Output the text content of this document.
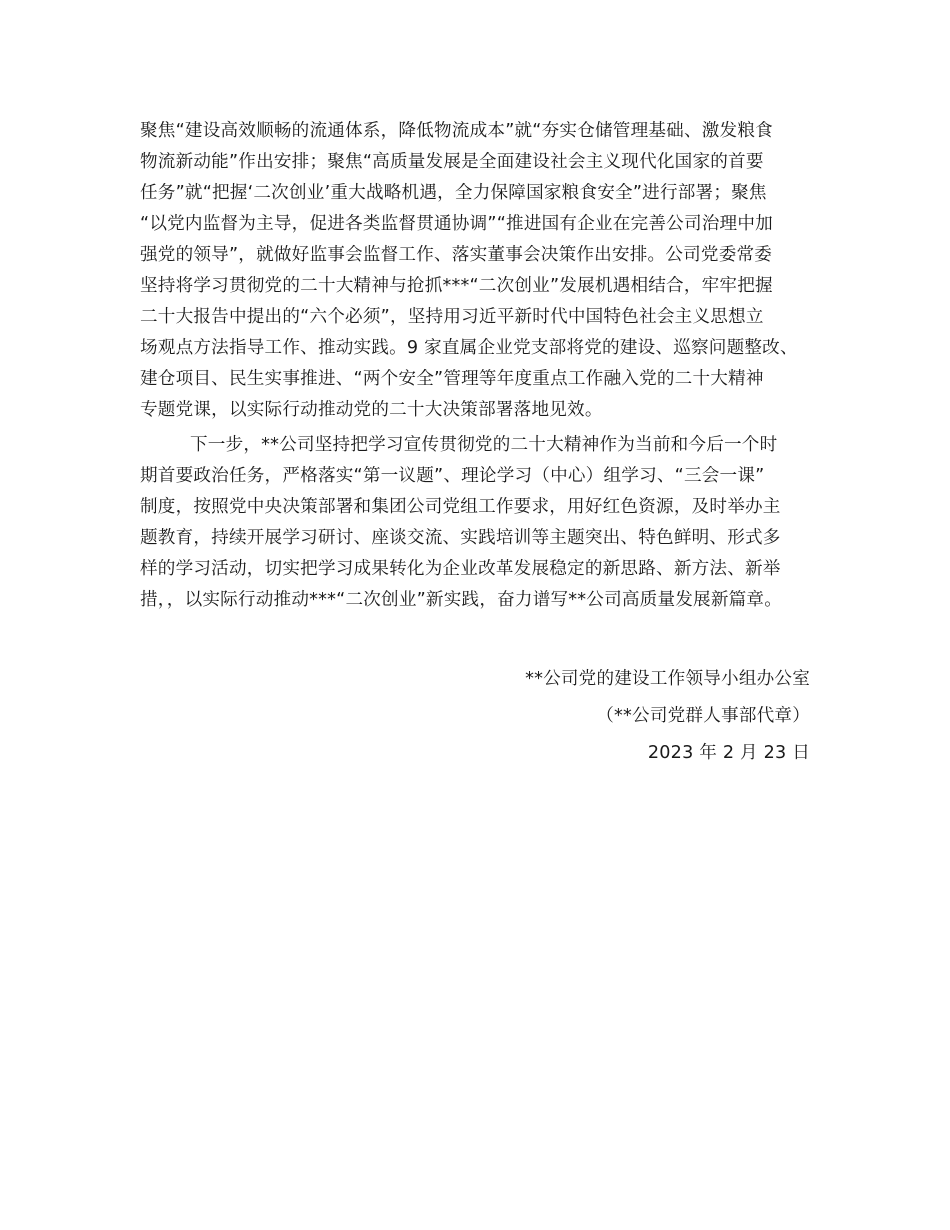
聚焦“建设高效顺畅的流通体系，降低物流成本”就“夯实仓储管理基础、激发粮食
物流新动能”作出安排；聚焦“高质量发展是全面建设社会主义现代化国家的首要
任务”就“把握‘二次创业’重大战略机遇，全力保障国家粮食安全”进行部署；聚焦
“以党内监督为主导，促进各类监督贯通协调”“推进国有企业在完善公司治理中加
强党的领导”，就做好监事会监督工作、落实董事会决策作出安排。公司党委常委
坚持将学习贯彻党的二十大精神与抢抓***“二次创业”发展机遇相结合，牢牢把握
二十大报告中提出的“六个必须”，坚持用习近平新时代中国特色社会主义思想立
场观点方法指导工作、推动实践。9 家直属企业党支部将党的建设、巡察问题整改、
建仓项目、民生实事推进、“两个安全”管理等年度重点工作融入党的二十大精神
专题党课，以实际行动推动党的二十大决策部署落地见效。
下一步，**公司坚持把学习宣传贯彻党的二十大精神作为当前和今后一个时
期首要政治任务，严格落实“第一议题”、理论学习（中心）组学习、“三会一课”
制度，按照党中央决策部署和集团公司党组工作要求，用好红色资源，及时举办主
题教育，持续开展学习研讨、座谈交流、实践培训等主题突出、特色鲜明、形式多
样的学习活动，切实把学习成果转化为企业改革发展稳定的新思路、新方法、新举
措，，以实际行动推动***“二次创业”新实践，奋力谱写**公司高质量发展新篇章。
**公司党的建设工作领导小组办公室
（**公司党群人事部代章）
2023 年 2 月 23 日
